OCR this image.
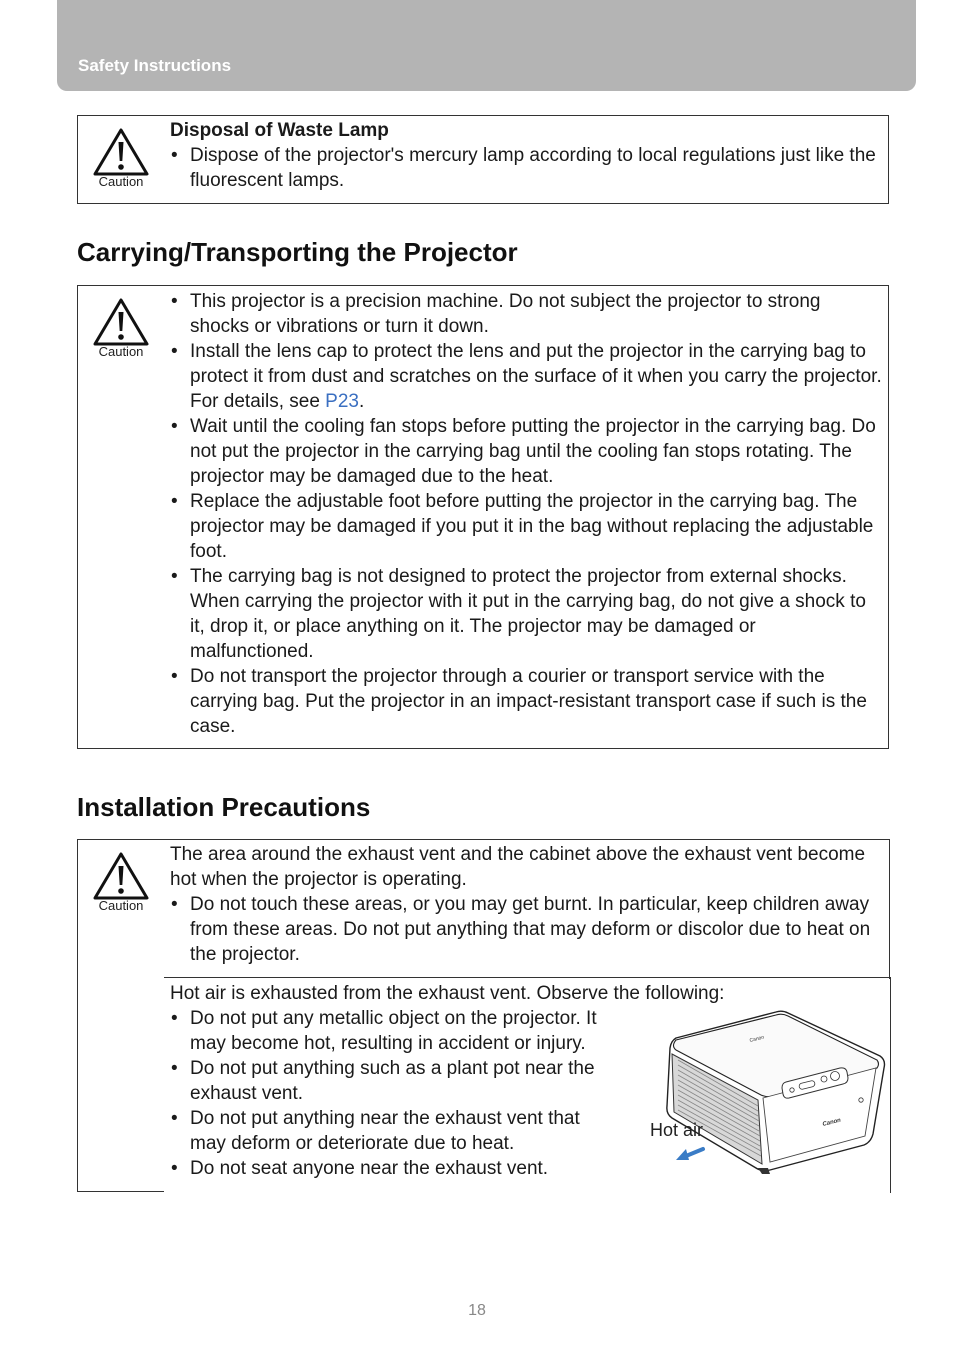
Safety Instructions
Caution
Disposal of Waste Lamp
• Dispose of the projector's mercury lamp according to local regulations just like the fluorescent lamps.
Carrying/Transporting the Projector
Caution
• This projector is a precision machine. Do not subject the projector to strong shocks or vibrations or turn it down.
• Install the lens cap to protect the lens and put the projector in the carrying bag to protect it from dust and scratches on the surface of it when you carry the projector. For details, see P23.
• Wait until the cooling fan stops before putting the projector in the carrying bag. Do not put the projector in the carrying bag until the cooling fan stops rotating. The projector may be damaged due to the heat.
• Replace the adjustable foot before putting the projector in the carrying bag. The projector may be damaged if you put it in the bag without replacing the adjustable foot.
• The carrying bag is not designed to protect the projector from external shocks. When carrying the projector with it put in the carrying bag, do not give a shock to it, drop it, or place anything on it. The projector may be damaged or malfunctioned.
• Do not transport the projector through a courier or transport service with the carrying bag. Put the projector in an impact-resistant transport case if such is the case.
Installation Precautions
Caution
The area around the exhaust vent and the cabinet above the exhaust vent become hot when the projector is operating.
• Do not touch these areas, or you may get burnt. In particular, keep children away from these areas. Do not put anything that may deform or discolor due to heat on the projector.
Hot air is exhausted from the exhaust vent. Observe the following:
• Do not put any metallic object on the projector. It may become hot, resulting in accident or injury.
• Do not put anything such as a plant pot near the exhaust vent.
• Do not put anything near the exhaust vent that may deform or deteriorate due to heat.
• Do not seat anyone near the exhaust vent.
Canon
Canon
Hot air
18
